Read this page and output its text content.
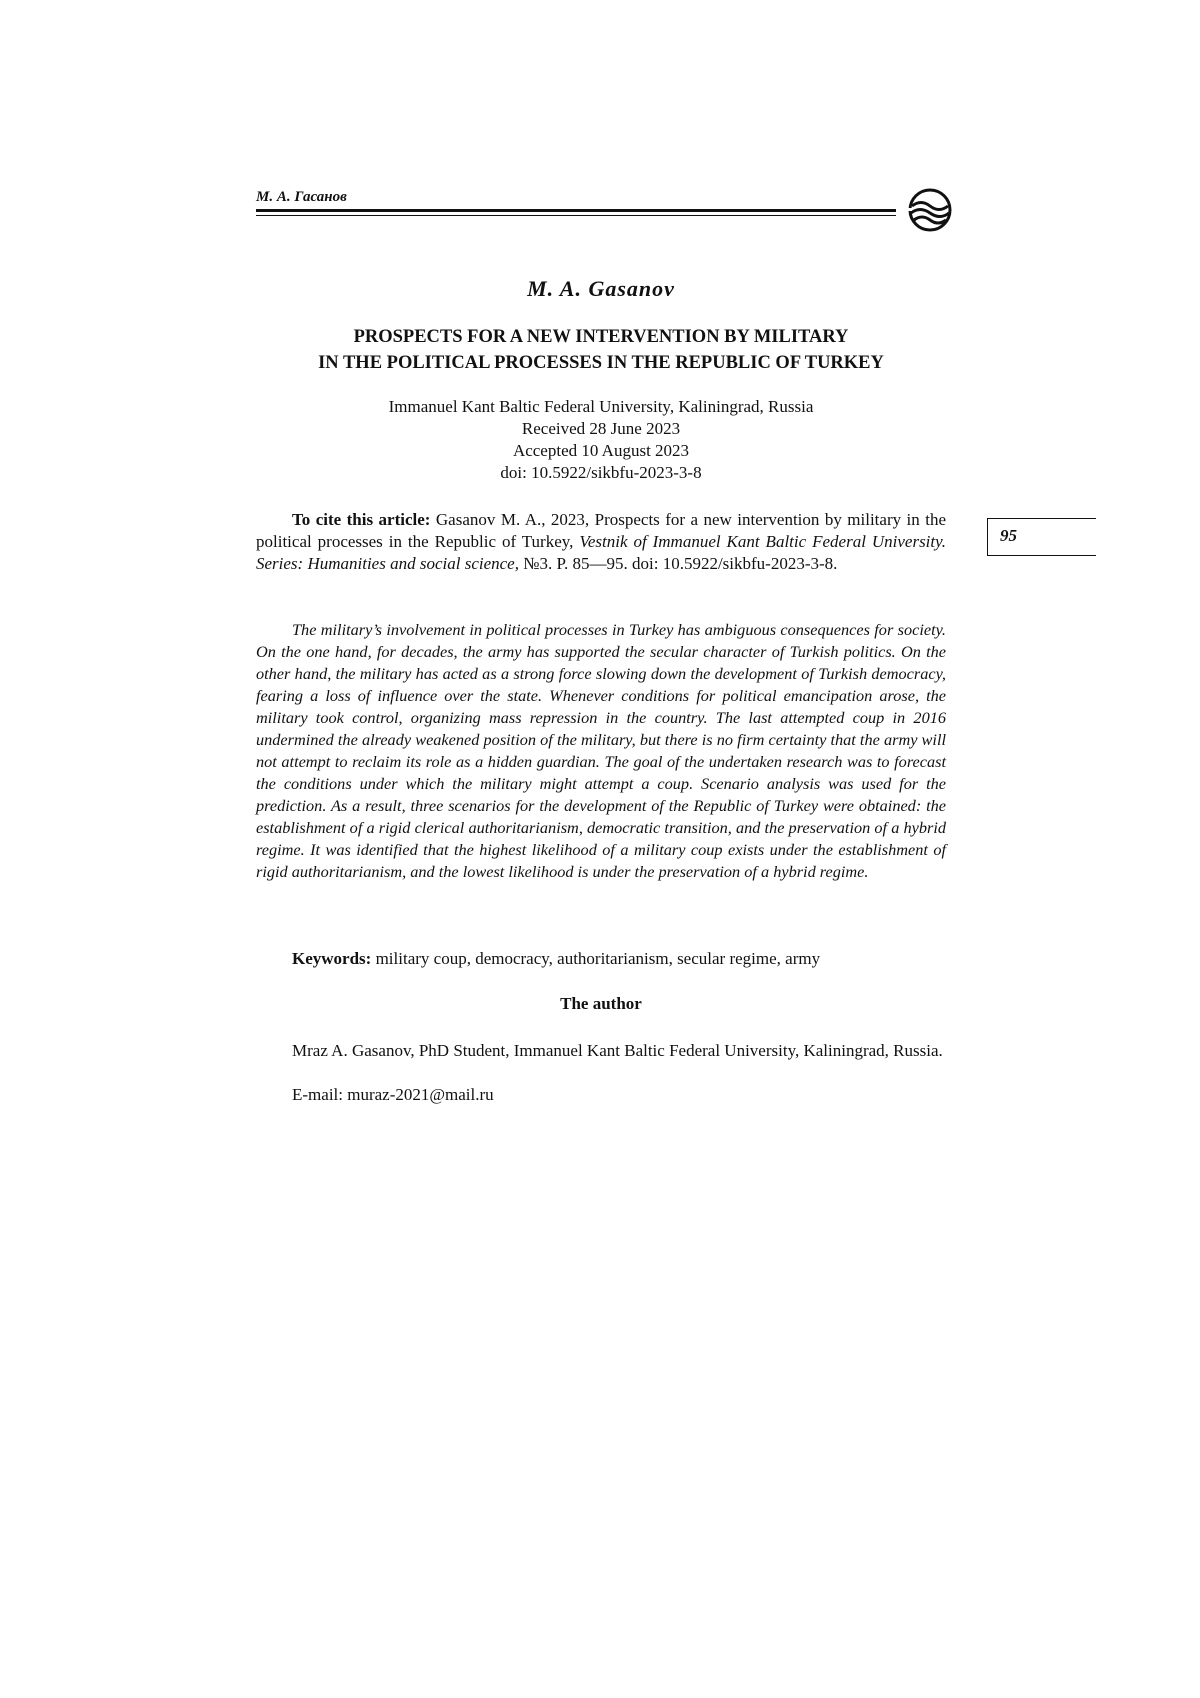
М. А. Гасанов
M. A. Gasanov
PROSPECTS FOR A NEW INTERVENTION BY MILITARY
IN THE POLITICAL PROCESSES IN THE REPUBLIC OF TURKEY
Immanuel Kant Baltic Federal University, Kaliningrad, Russia
Received 28 June 2023
Accepted 10 August 2023
doi: 10.5922/sikbfu-2023-3-8

To cite this article: Gasanov M. A., 2023, Prospects for a new intervention by military in the political processes in the Republic of Turkey, Vestnik of Immanuel Kant Baltic Federal University. Series: Humanities and social science, №3. P. 85—95. doi: 10.5922/sikbfu-2023-3-8.

The military’s involvement in political processes in Turkey has ambiguous consequences for society. On the one hand, for decades, the army has supported the secular character of Turkish politics. On the other hand, the military has acted as a strong force slowing down the development of Turkish democracy, fearing a loss of influence over the state. Whenever conditions for political emancipation arose, the military took control, organizing mass repression in the country. The last attempted coup in 2016 undermined the already weakened position of the military, but there is no firm certainty that the army will not attempt to reclaim its role as a hidden guardian. The goal of the undertaken research was to forecast the conditions under which the military might attempt a coup. Scenario analysis was used for the prediction. As a result, three scenarios for the development of the Republic of Turkey were obtained: the establishment of a rigid clerical authoritarianism, democratic transition, and the preservation of a hybrid regime. It was identified that the highest likelihood of a military coup exists under the establishment of rigid authoritarianism, and the lowest likelihood is under the preservation of a hybrid regime.

Keywords: military coup, democracy, authoritarianism, secular regime, army

The author

Mraz A. Gasanov, PhD Student, Immanuel Kant Baltic Federal University, Kaliningrad, Russia.

E-mail: muraz-2021@mail.ru
95
